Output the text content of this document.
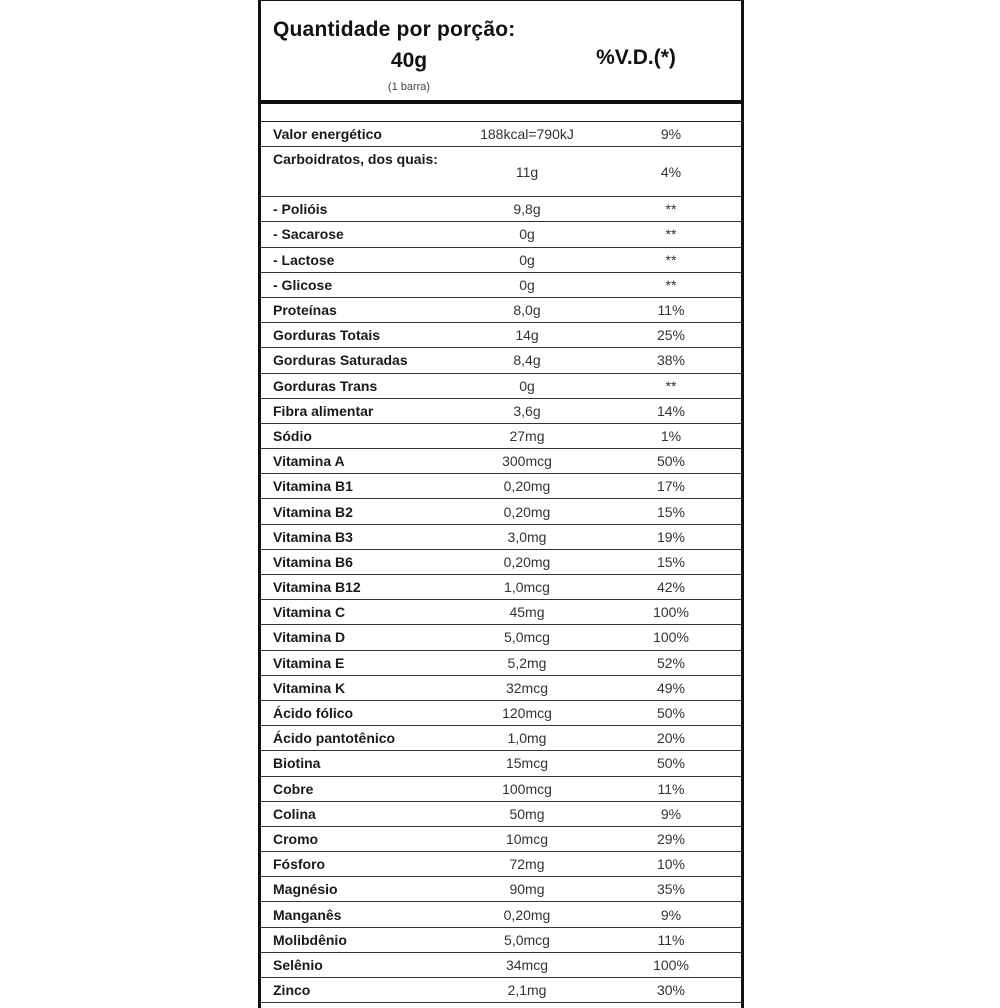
Quantidade por porção:
40g
(1 barra)
%V.D.(*)
Valor energético	188kcal=790kJ	9%
Carboidratos, dos quais:
11g	4%
- Polióis	9,8g	**
- Sacarose	0g	**
- Lactose	0g	**
- Glicose	0g	**
Proteínas	8,0g	11%
Gorduras Totais	14g	25%
Gorduras Saturadas	8,4g	38%
Gorduras Trans	0g	**
Fibra alimentar	3,6g	14%
Sódio	27mg	1%
Vitamina A	300mcg	50%
Vitamina B1	0,20mg	17%
Vitamina B2	0,20mg	15%
Vitamina B3	3,0mg	19%
Vitamina B6	0,20mg	15%
Vitamina B12	1,0mcg	42%
Vitamina C	45mg	100%
Vitamina D	5,0mcg	100%
Vitamina E	5,2mg	52%
Vitamina K	32mcg	49%
Ácido fólico	120mcg	50%
Ácido pantotênico	1,0mg	20%
Biotina	15mcg	50%
Cobre	100mcg	11%
Colina	50mg	9%
Cromo	10mcg	29%
Fósforo	72mg	10%
Magnésio	90mg	35%
Manganês	0,20mg	9%
Molibdênio	5,0mcg	11%
Selênio	34mcg	100%
Zinco	2,1mg	30%
